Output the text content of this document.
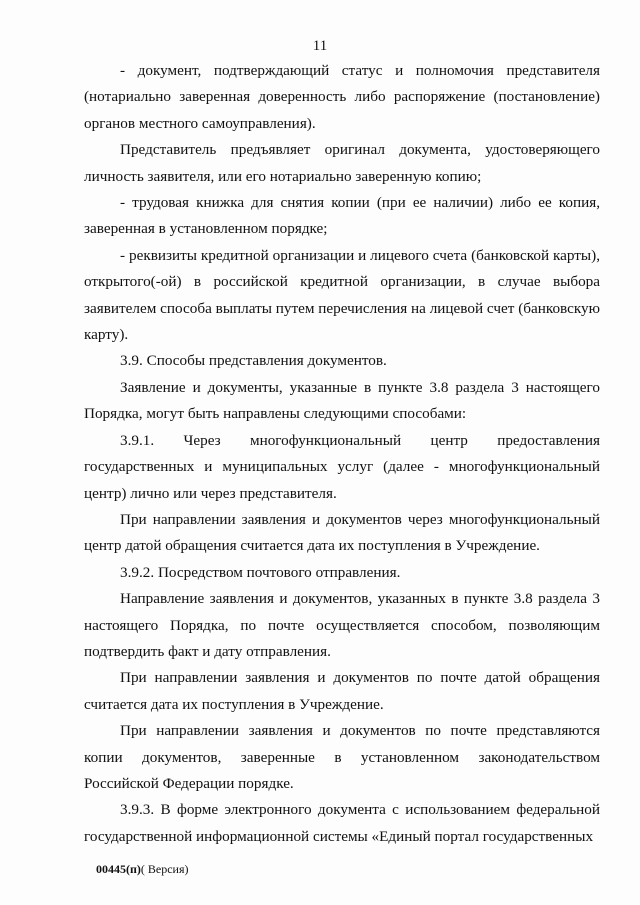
11

- документ, подтверждающий статус и полномочия представителя (нотариально заверенная доверенность либо распоряжение (постановление) органов местного самоуправления).

Представитель предъявляет оригинал документа, удостоверяющего личность заявителя, или его нотариально заверенную копию;

- трудовая книжка для снятия копии (при ее наличии) либо ее копия, заверенная в установленном порядке;

- реквизиты кредитной организации и лицевого счета (банковской карты), открытого(-ой) в российской кредитной организации, в случае выбора заявителем способа выплаты путем перечисления на лицевой счет (банковскую карту).

3.9. Способы представления документов.

Заявление и документы, указанные в пункте 3.8 раздела 3 настоящего Порядка, могут быть направлены следующими способами:

3.9.1. Через многофункциональный центр предоставления государственных и муниципальных услуг (далее - многофункциональный центр) лично или через представителя.

При направлении заявления и документов через многофункциональный центр датой обращения считается дата их поступления в Учреждение.

3.9.2. Посредством почтового отправления.

Направление заявления и документов, указанных в пункте 3.8 раздела 3 настоящего Порядка, по почте осуществляется способом, позволяющим подтвердить факт и дату отправления.

При направлении заявления и документов по почте датой обращения считается дата их поступления в Учреждение.

При направлении заявления и документов по почте представляются копии документов, заверенные в установленном законодательством Российской Федерации порядке.

3.9.3. В форме электронного документа с использованием федеральной государственной информационной системы «Единый портал государственных

00445(п)( Версия)
